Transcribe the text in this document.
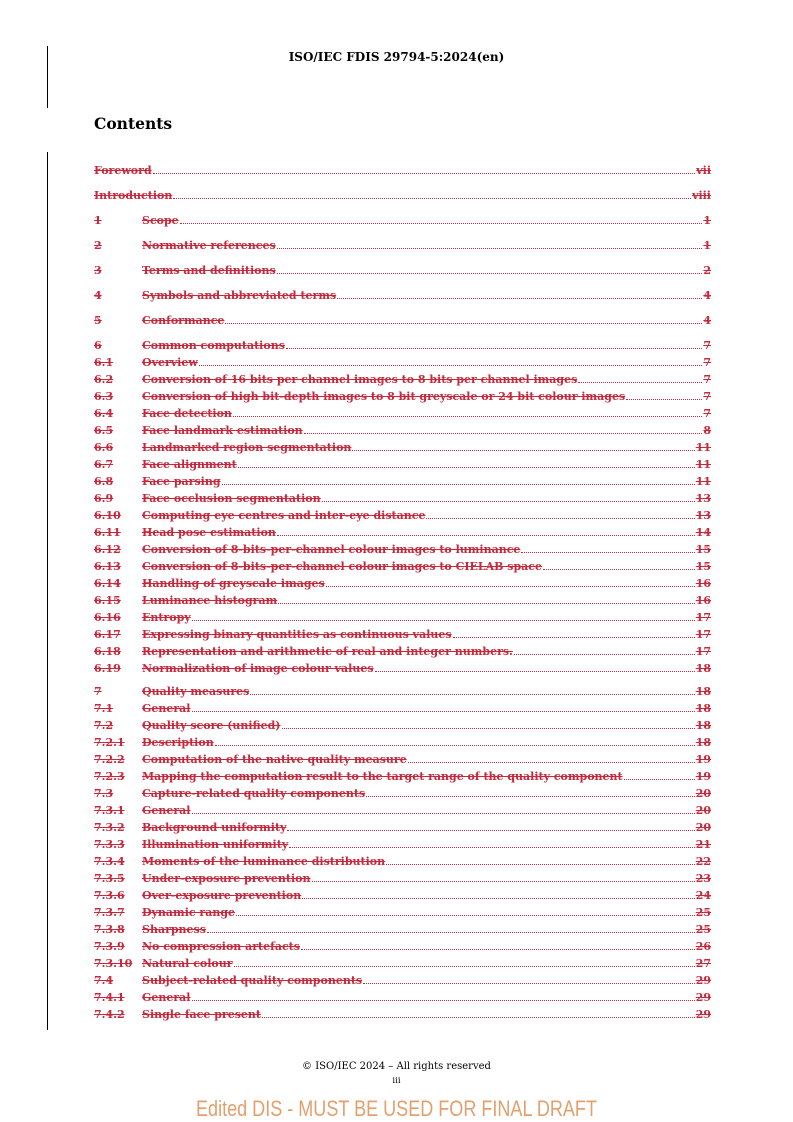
ISO/IEC FDIS 29794-5:2024(en)
Contents
Foreword	vii
Introduction	viii
1	Scope	1
2	Normative references	1
3	Terms and definitions	2
4	Symbols and abbreviated terms	4
5	Conformance	4
6	Common computations	7
6.1	Overview	7
6.2	Conversion of 16 bits per channel images to 8 bits per channel images	7
6.3	Conversion of high bit-depth images to 8 bit greyscale or 24 bit colour images	7
6.4	Face detection	7
6.5	Face landmark estimation	8
6.6	Landmarked region segmentation	11
6.7	Face alignment	11
6.8	Face parsing	11
6.9	Face occlusion segmentation	13
6.10	Computing eye centres and inter-eye distance	13
6.11	Head pose estimation	14
6.12	Conversion of 8-bits-per-channel colour images to luminance	15
6.13	Conversion of 8-bits-per-channel colour images to CIELAB space	15
6.14	Handling of greyscale images	16
6.15	Luminance histogram	16
6.16	Entropy	17
6.17	Expressing binary quantities as continuous values	17
6.18	Representation and arithmetic of real and integer numbers.	17
6.19	Normalization of image colour values	18
7	Quality measures	18
7.1	General	18
7.2	Quality score (unified)	18
7.2.1	Description	18
7.2.2	Computation of the native quality measure	19
7.2.3	Mapping the computation result to the target range of the quality component	19
7.3	Capture-related quality components	20
7.3.1	General	20
7.3.2	Background uniformity	20
7.3.3	Illumination uniformity	21
7.3.4	Moments of the luminance distribution	22
7.3.5	Under-exposure prevention	23
7.3.6	Over-exposure prevention	24
7.3.7	Dynamic range	25
7.3.8	Sharpness	25
7.3.9	No compression artefacts	26
7.3.10 Natural colour	27
7.4	Subject-related quality components	29
7.4.1	General	29
7.4.2	Single face present	29
© ISO/IEC 2024 – All rights reserved
iii
Edited DIS - MUST BE USED FOR FINAL DRAFT
